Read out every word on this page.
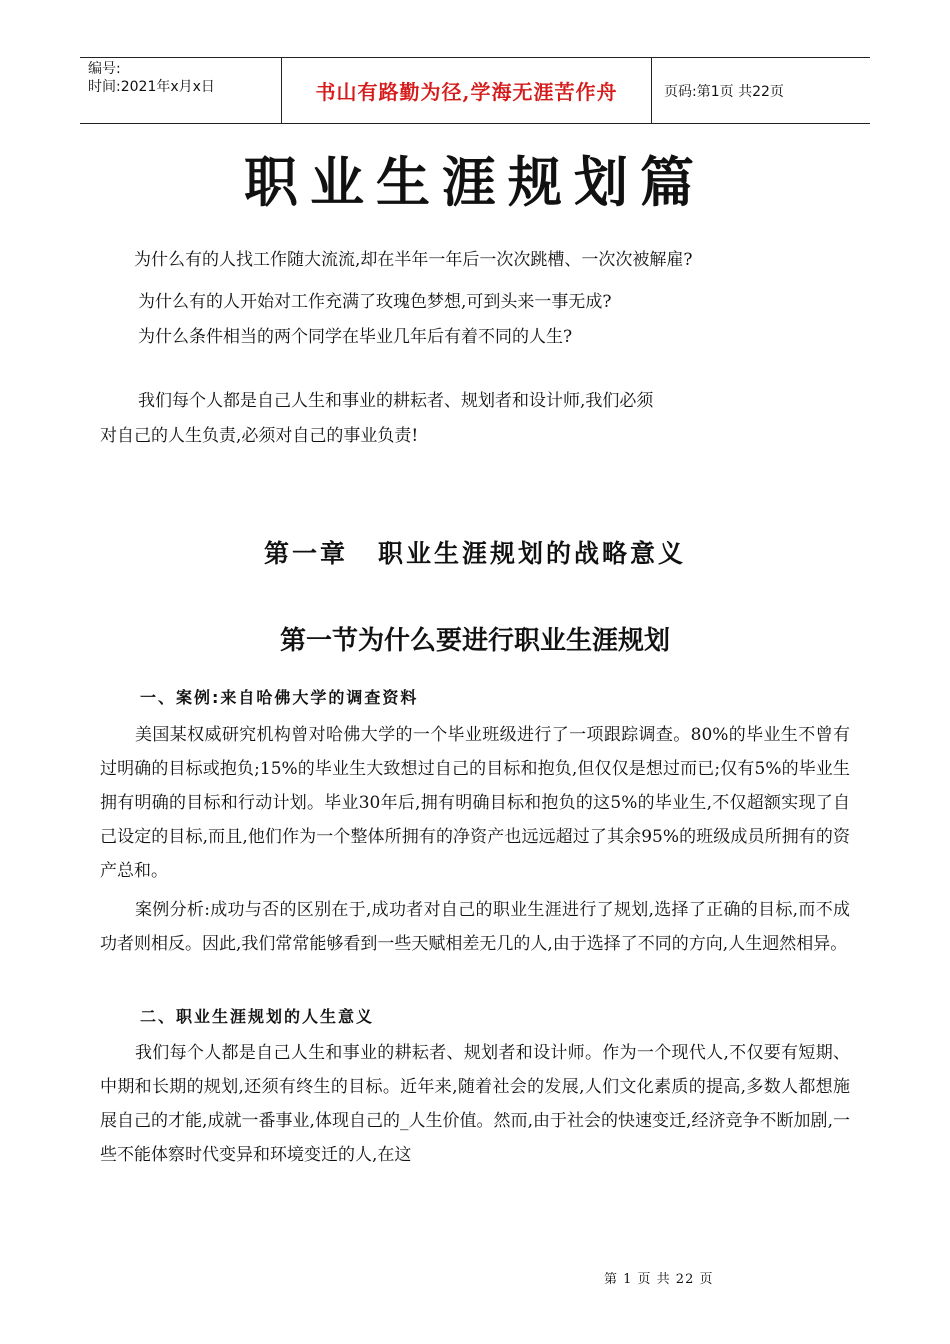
编号:
时间:2021年x月x日	书山有路勤为径,学海无涯苦作舟	页码:第1页 共22页
职业生涯规划篇

为什么有的人找工作随大流流,却在半年一年后一次次跳槽、一次次被解雇?

为什么有的人开始对工作充满了玫瑰色梦想,可到头来一事无成?

为什么条件相当的两个同学在毕业几年后有着不同的人生?

我们每个人都是自己人生和事业的耕耘者、规划者和设计师,我们必须

对自己的人生负责,必须对自己的事业负责!

第一章 职业生涯规划的战略意义
第一节为什么要进行职业生涯规划
一、案例:来自哈佛大学的调查资料

美国某权威研究机构曾对哈佛大学的一个毕业班级进行了一项跟踪调查。80%的毕业生不曾有过明确的目标或抱负;15%的毕业生大致想过自己的目标和抱负,但仅仅是想过而已;仅有5%的毕业生拥有明确的目标和行动计划。毕业30年后,拥有明确目标和抱负的这5%的毕业生,不仅超额实现了自己设定的目标,而且,他们作为一个整体所拥有的净资产也远远超过了其余95%的班级成员所拥有的资产总和。

案例分析:成功与否的区别在于,成功者对自己的职业生涯进行了规划,选择了正确的目标,而不成功者则相反。因此,我们常常能够看到一些天赋相差无几的人,由于选择了不同的方向,人生迥然相异。

二、职业生涯规划的人生意义

我们每个人都是自己人生和事业的耕耘者、规划者和设计师。作为一个现代人,不仅要有短期、中期和长期的规划,还须有终生的目标。近年来,随着社会的发展,人们文化素质的提高,多数人都想施展自己的才能,成就一番事业,体现自己的_人生价值。然而,由于社会的快速变迁,经济竞争不断加剧,一些不能体察时代变异和环境变迁的人,在这

第 1 页 共 22 页
